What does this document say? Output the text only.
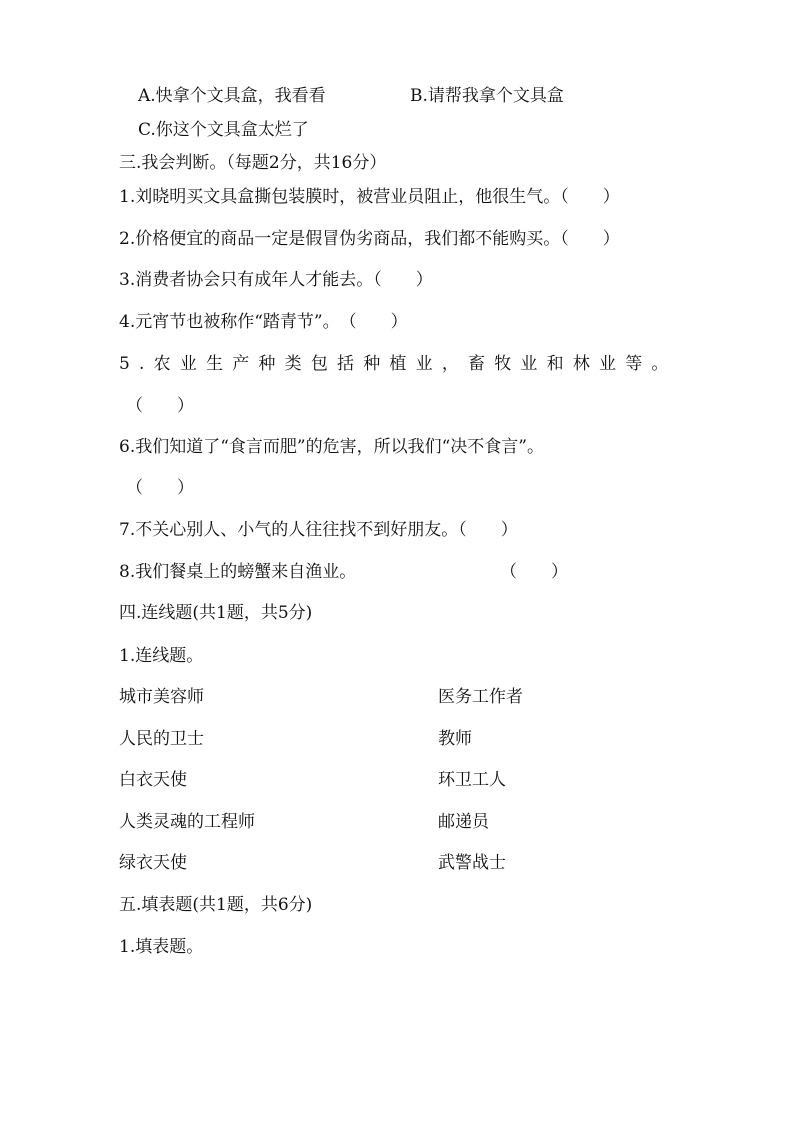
A.快拿个文具盒，我看看	B.请帮我拿个文具盒
C.你这个文具盒太烂了
三.我会判断。（每题2分，共16分）
1.刘晓明买文具盒撕包装膜时，被营业员阻止，他很生气。（　　）
2.价格便宜的商品一定是假冒伪劣商品，我们都不能购买。（　　）
3.消费者协会只有成年人才能去。（　　）
4.元宵节也被称作“踏青节”。　（　　）
5.农业生产种类包括种植业，畜牧业和林业等。
（　　）
6.我们知道了“食言而肥”的危害，所以我们“决不食言”。
（　　）
7.不关心别人、小气的人往往找不到好朋友。（　　）
8.我们餐桌上的螃蟹来自渔业。	（　　）
四.连线题(共1题，共5分)
1.连线题。
城市美容师	医务工作者
人民的卫士	教师
白衣天使	环卫工人
人类灵魂的工程师	邮递员
绿衣天使	武警战士
五.填表题(共1题，共6分)
1.填表题。
